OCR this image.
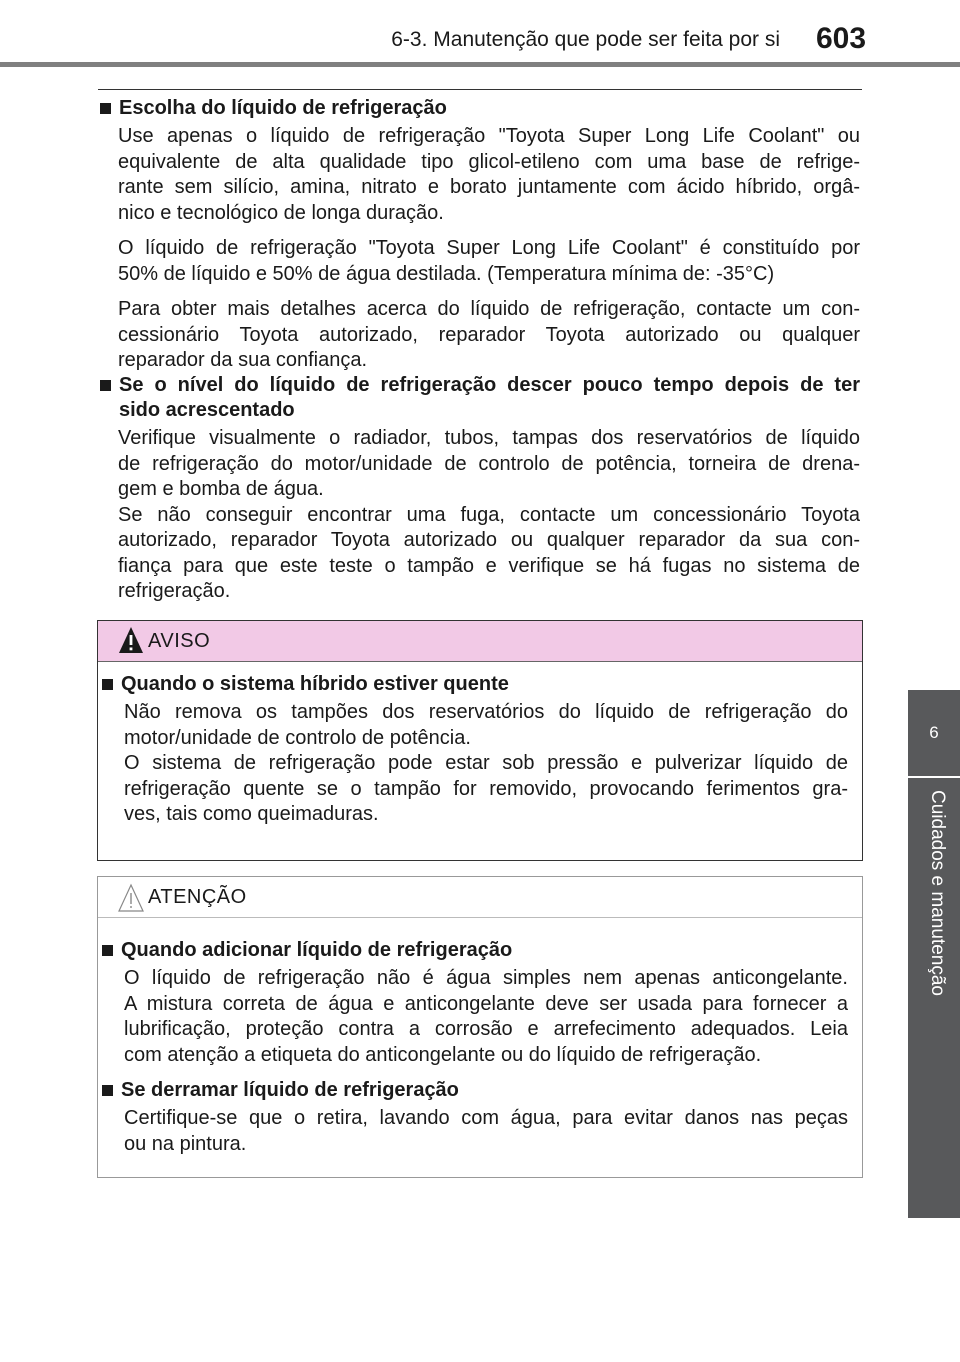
6-3. Manutenção que pode ser feita por si	603
6
Cuidados e manutenção
Escolha do líquido de refrigeração
Use apenas o líquido de refrigeração "Toyota Super Long Life Coolant" ou
equivalente de alta qualidade tipo glicol-etileno com uma base de refrige-
rante sem silício, amina, nitrato e borato juntamente com ácido híbrido, orgâ-
nico e tecnológico de longa duração.
O líquido de refrigeração "Toyota Super Long Life Coolant" é constituído por
50% de líquido e 50% de água destilada. (Temperatura mínima de: -35°C)
Para obter mais detalhes acerca do líquido de refrigeração, contacte um con-
cessionário Toyota autorizado, reparador Toyota autorizado ou qualquer
reparador da sua confiança.
Se o nível do líquido de refrigeração descer pouco tempo depois de ter
sido acrescentado
Verifique visualmente o radiador, tubos, tampas dos reservatórios de líquido
de refrigeração do motor/unidade de controlo de potência, torneira de drena-
gem e bomba de água.
Se não conseguir encontrar uma fuga, contacte um concessionário Toyota
autorizado, reparador Toyota autorizado ou qualquer reparador da sua con-
fiança para que este teste o tampão e verifique se há fugas no sistema de
refrigeração.
AVISO
Quando o sistema híbrido estiver quente
Não remova os tampões dos reservatórios do líquido de refrigeração do
motor/unidade de controlo de potência.
O sistema de refrigeração pode estar sob pressão e pulverizar líquido de
refrigeração quente se o tampão for removido, provocando ferimentos gra-
ves, tais como queimaduras.
ATENÇÃO
Quando adicionar líquido de refrigeração
O líquido de refrigeração não é água simples nem apenas anticongelante.
A mistura correta de água e anticongelante deve ser usada para fornecer a
lubrificação, proteção contra a corrosão e arrefecimento adequados. Leia
com atenção a etiqueta do anticongelante ou do líquido de refrigeração.
Se derramar líquido de refrigeração
Certifique-se que o retira, lavando com água, para evitar danos nas peças
ou na pintura.
